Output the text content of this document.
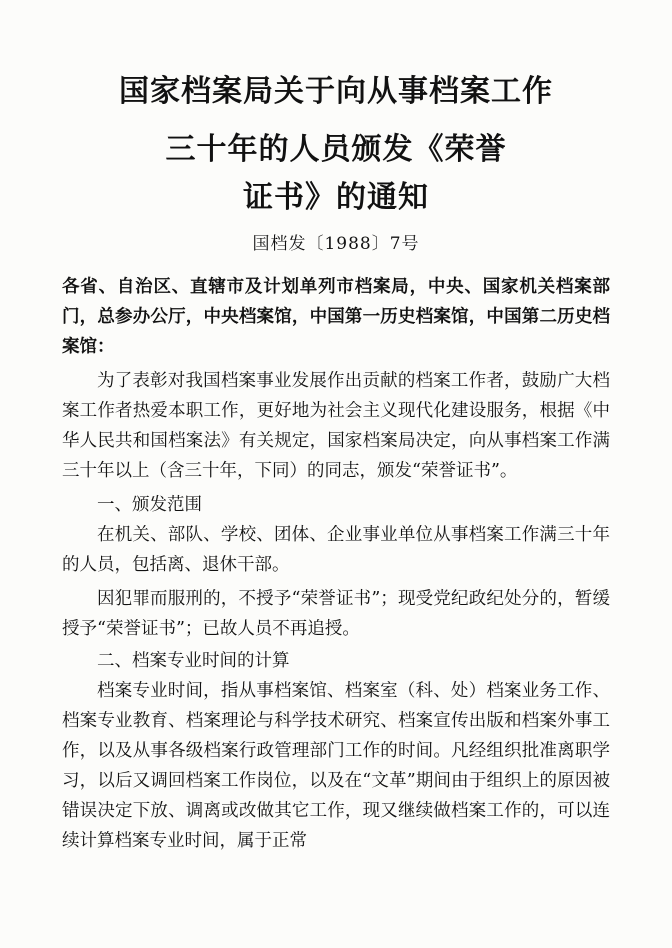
国家档案局关于向从事档案工作
三十年的人员颁发《荣誉
证书》的通知
国档发〔1988〕7号

各省、自治区、直辖市及计划单列市档案局，中央、国家机关档案部门，总参办公厅，中央档案馆，中国第一历史档案馆，中国第二历史档案馆：

为了表彰对我国档案事业发展作出贡献的档案工作者，鼓励广大档案工作者热爱本职工作，更好地为社会主义现代化建设服务，根据《中华人民共和国档案法》有关规定，国家档案局决定，向从事档案工作满三十年以上（含三十年，下同）的同志，颁发“荣誉证书”。

一、颁发范围

在机关、部队、学校、团体、企业事业单位从事档案工作满三十年的人员，包括离、退休干部。

因犯罪而服刑的，不授予“荣誉证书”；现受党纪政纪处分的，暂缓授予“荣誉证书”；已故人员不再追授。

二、档案专业时间的计算

档案专业时间，指从事档案馆、档案室（科、处）档案业务工作、档案专业教育、档案理论与科学技术研究、档案宣传出版和档案外事工作，以及从事各级档案行政管理部门工作的时间。凡经组织批准离职学习，以后又调回档案工作岗位，以及在“文革”期间由于组织上的原因被错误决定下放、调离或改做其它工作，现又继续做档案工作的，可以连续计算档案专业时间，属于正常
